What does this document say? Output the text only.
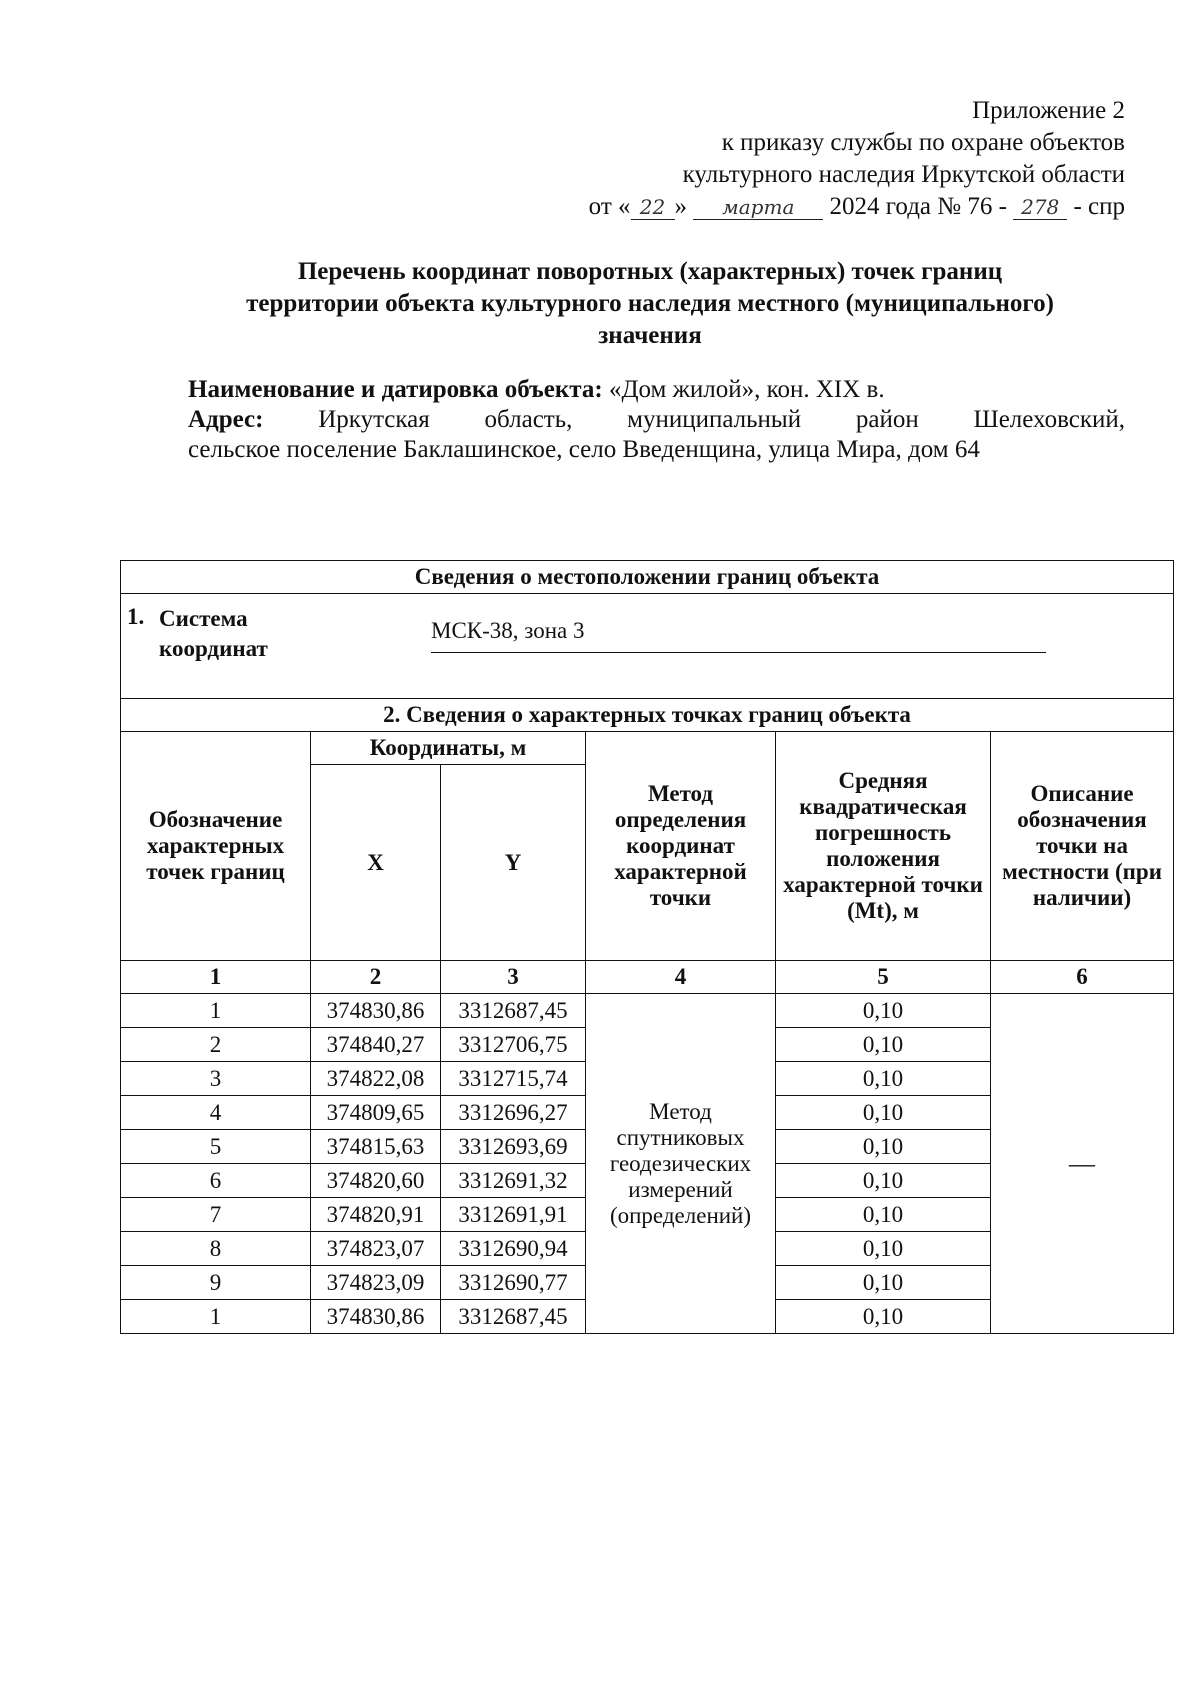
Приложение 2
к приказу службы по охране объектов
культурного наследия Иркутской области
от « 22 » марта 2024 года № 76 - 278 - спр
Перечень координат поворотных (характерных) точек границ
территории объекта культурного наследия местного (муниципального)
значения
Наименование и датировка объекта: «Дом жилой», кон. XIX в.
Адрес: Иркутская область, муниципальный район Шелеховский,
сельское поселение Баклашинское, село Введенщина, улица Мира, дом 64
Сведения о местоположении границ объекта					

1. Система
координат
МСК-38, зона 3					

2. Сведения о характерных точках границ объекта					
Обозначение характерных точек границ	Координаты, м		Метод определения координат характерной точки	Средняя квадратическая погрешность положения характерной точки (Mt), м	Описание обозначения точки на местности (при наличии)
	X	Y			
1	2	3	4	5	6
1	374830,86	3312687,45	Метод спутниковых геодезических измерений (определений)	0,10	—
2	374840,27	3312706,75		0,10	
3	374822,08	3312715,74		0,10	
4	374809,65	3312696,27		0,10	
5	374815,63	3312693,69		0,10	
6	374820,60	3312691,32		0,10	
7	374820,91	3312691,91		0,10	
8	374823,07	3312690,94		0,10	
9	374823,09	3312690,77		0,10	
1	374830,86	3312687,45		0,10	
